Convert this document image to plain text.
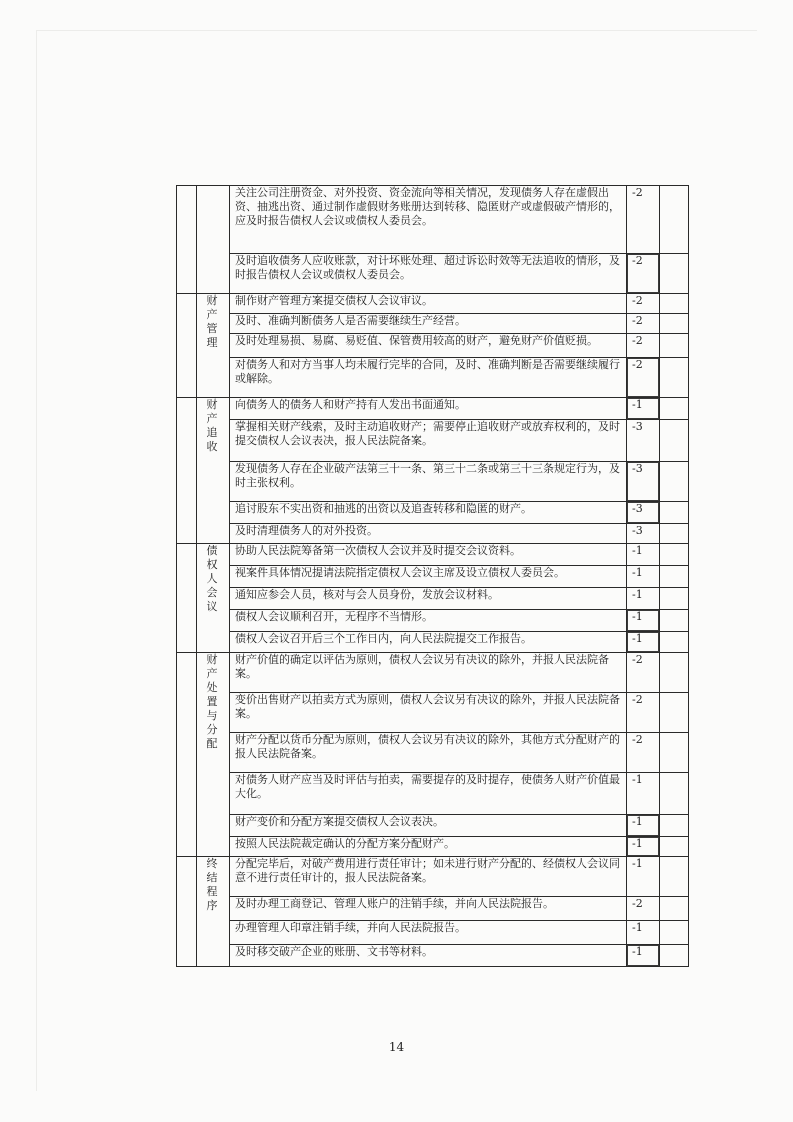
		关注公司注册资金、对外投资、资金流向等相关情况，发现债务人存在虚假出资、抽逃出资、通过制作虚假财务账册达到转移、隐匿财产或虚假破产情形的，应及时报告债权人会议或债权人委员会。	-2	
		及时追收债务人应收账款，对计坏账处理、超过诉讼时效等无法追收的情形，及时报告债权人会议或债权人委员会。	-2	
	财产管理	制作财产管理方案提交债权人会议审议。	-2	
		及时、准确判断债务人是否需要继续生产经营。	-2	
		及时处理易损、易腐、易贬值、保管费用较高的财产，避免财产价值贬损。	-2	
		对债务人和对方当事人均未履行完毕的合同，及时、准确判断是否需要继续履行或解除。	-2	
	财产追收	向债务人的债务人和财产持有人发出书面通知。	-1	
		掌握相关财产线索，及时主动追收财产；需要停止追收财产或放弃权利的，及时提交债权人会议表决，报人民法院备案。	-3	
		发现债务人存在企业破产法第三十一条、第三十二条或第三十三条规定行为，及时主张权利。	-3	
		追讨股东不实出资和抽逃的出资以及追查转移和隐匿的财产。	-3	
		及时清理债务人的对外投资。	-3	
	债权人会议	协助人民法院筹备第一次债权人会议并及时提交会议资料。	-1	
		视案件具体情况提请法院指定债权人会议主席及设立债权人委员会。	-1	
		通知应参会人员，核对与会人员身份，发放会议材料。	-1	
		债权人会议顺利召开，无程序不当情形。	-1	
		债权人会议召开后三个工作日内，向人民法院提交工作报告。	-1	
	财产处置与分配	财产价值的确定以评估为原则，债权人会议另有决议的除外，并报人民法院备案。	-2	
		变价出售财产以拍卖方式为原则，债权人会议另有决议的除外，并报人民法院备案。	-2	
		财产分配以货币分配为原则，债权人会议另有决议的除外，其他方式分配财产的报人民法院备案。	-2	
		对债务人财产应当及时评估与拍卖，需要提存的及时提存，使债务人财产价值最大化。	-1	
		财产变价和分配方案提交债权人会议表决。	-1	
		按照人民法院裁定确认的分配方案分配财产。	-1	
	终结程序	分配完毕后，对破产费用进行责任审计；如未进行财产分配的、经债权人会议同意不进行责任审计的，报人民法院备案。	-1	
		及时办理工商登记、管理人账户的注销手续，并向人民法院报告。	-2	
		办理管理人印章注销手续，并向人民法院报告。	-1	
		及时移交破产企业的账册、文书等材料。	-1	
14
